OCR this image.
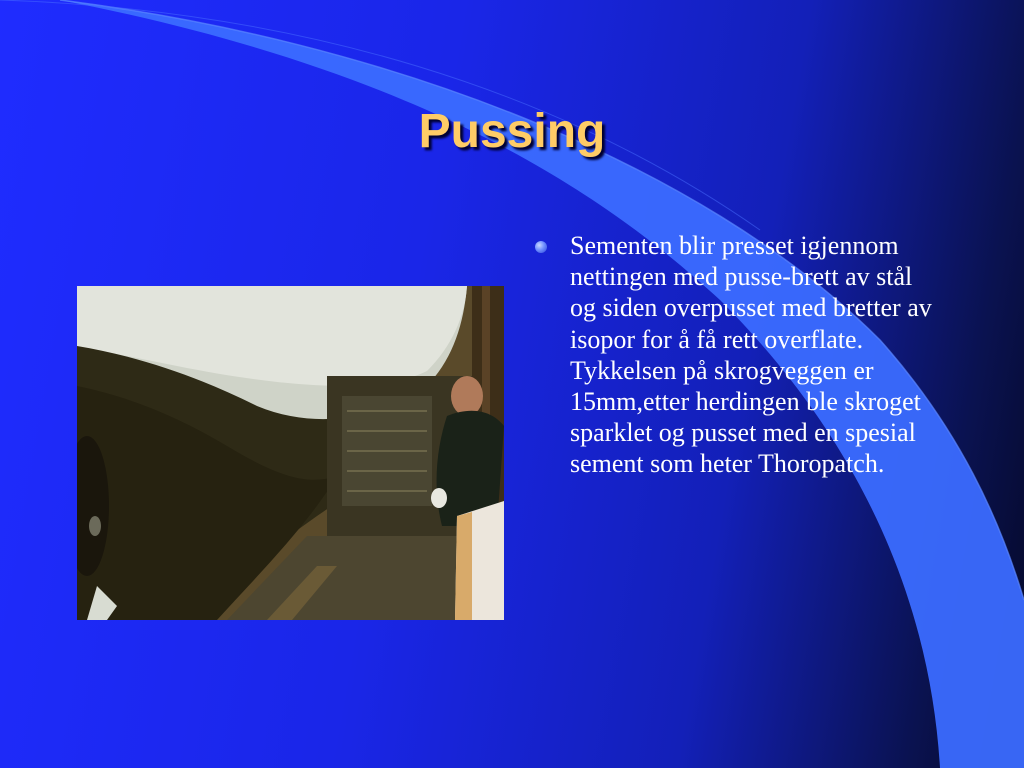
Pussing
Sementen blir presset igjennom nettingen med pusse-brett av stål og siden overpusset med bretter av isopor for å få rett overflate. Tykkelsen på skrogveggen er 15mm,etter herdingen ble skroget sparklet og pusset med en spesial sement som heter Thoropatch.
